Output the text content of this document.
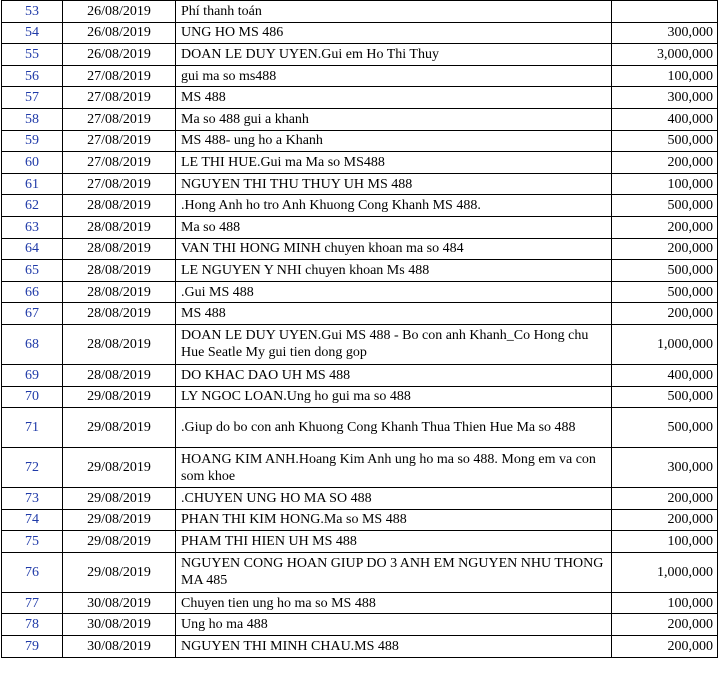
53	26/08/2019	Phí thanh toán	
54	26/08/2019	UNG HO MS 486	300,000
55	26/08/2019	DOAN LE DUY UYEN.Gui em Ho Thi Thuy	3,000,000
56	27/08/2019	gui ma so ms488	100,000
57	27/08/2019	MS 488	300,000
58	27/08/2019	Ma so 488 gui a khanh	400,000
59	27/08/2019	MS 488- ung ho a Khanh	500,000
60	27/08/2019	LE THI HUE.Gui ma Ma so MS488	200,000
61	27/08/2019	NGUYEN THI THU THUY UH MS 488	100,000
62	28/08/2019	.Hong Anh ho tro Anh Khuong Cong Khanh MS 488.	500,000
63	28/08/2019	Ma so 488	200,000
64	28/08/2019	VAN THI HONG MINH chuyen khoan ma so 484	200,000
65	28/08/2019	LE NGUYEN Y NHI chuyen khoan Ms 488	500,000
66	28/08/2019	.Gui MS 488	500,000
67	28/08/2019	MS 488	200,000
68	28/08/2019	DOAN LE DUY UYEN.Gui MS 488 - Bo con anh Khanh_Co Hong chu Hue Seatle My gui tien dong gop	1,000,000
69	28/08/2019	DO KHAC DAO UH MS 488	400,000
70	29/08/2019	LY NGOC LOAN.Ung ho gui ma so 488	500,000
71	29/08/2019	.Giup do bo con anh Khuong Cong Khanh Thua Thien Hue Ma so 488	500,000
72	29/08/2019	HOANG KIM ANH.Hoang Kim Anh ung ho ma so 488. Mong em va con som khoe	300,000
73	29/08/2019	.CHUYEN UNG HO MA SO 488	200,000
74	29/08/2019	PHAN THI KIM HONG.Ma so MS 488	200,000
75	29/08/2019	PHAM THI HIEN UH MS 488	100,000
76	29/08/2019	NGUYEN CONG HOAN GIUP DO 3 ANH EM NGUYEN NHU THONG MA 485	1,000,000
77	30/08/2019	Chuyen tien ung ho ma so MS 488	100,000
78	30/08/2019	Ung ho ma 488	200,000
79	30/08/2019	NGUYEN THI MINH CHAU.MS 488	200,000
